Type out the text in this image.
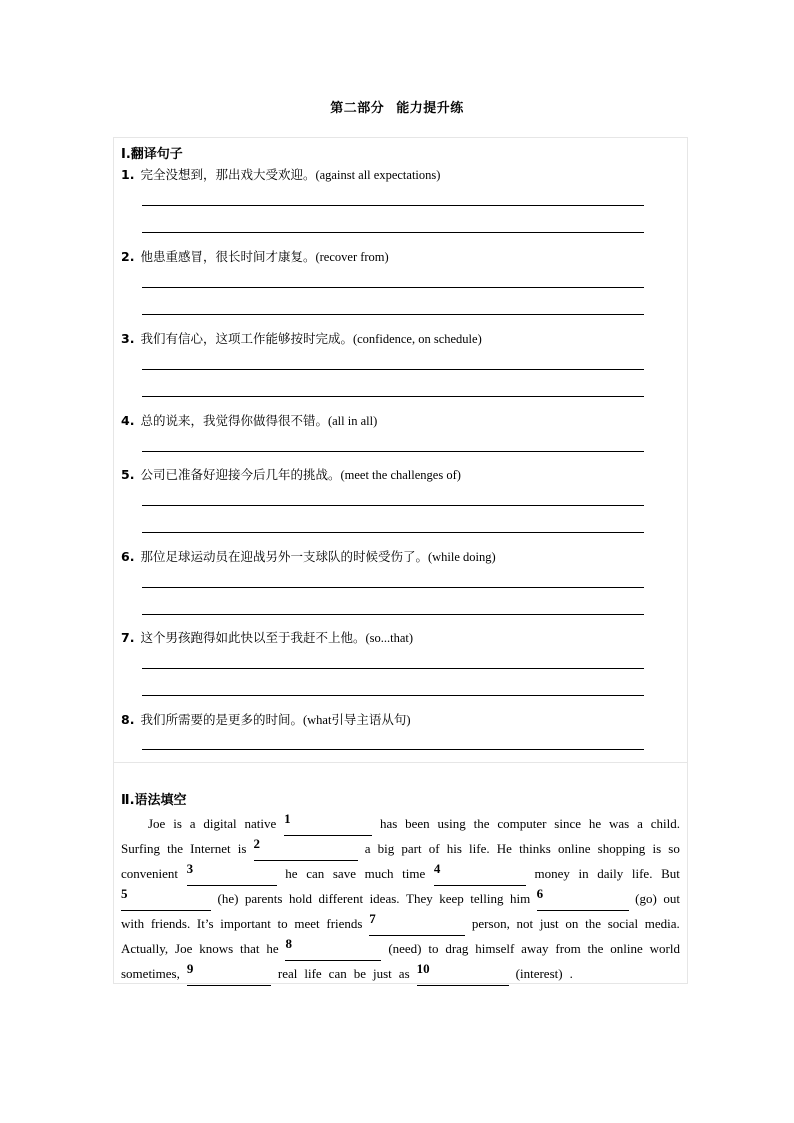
第二部分 能力提升练
Ⅰ.翻译句子
1. 完全没想到，那出戏大受欢迎。(against all expectations)
2. 他患重感冒，很长时间才康复。(recover from)
3. 我们有信心，这项工作能够按时完成。(confidence, on schedule)
4. 总的说来，我觉得你做得很不错。(all in all)
5. 公司已准备好迎接今后几年的挑战。(meet the challenges of)
6. 那位足球运动员在迎战另外一支球队的时候受伤了。(while doing)
7. 这个男孩跑得如此快以至于我赶不上他。(so...that)
8. 我们所需要的是更多的时间。(what引导主语从句)
Ⅱ.语法填空
Joe is a digital native 1	has been using the computer since he was a child.
Surfing the Internet is 2	a big part of his life. He thinks online shopping is so
convenient 3	he can save much time 4	money in daily life. But
5	(he) parents hold different ideas. They keep telling him 6	(go) out
with friends. It’s important to meet friends 7	person, not just on the social media.
Actually, Joe knows that he 8	(need) to drag himself away from the online world
sometimes, 9	real life can be just as 10	(interest) .
